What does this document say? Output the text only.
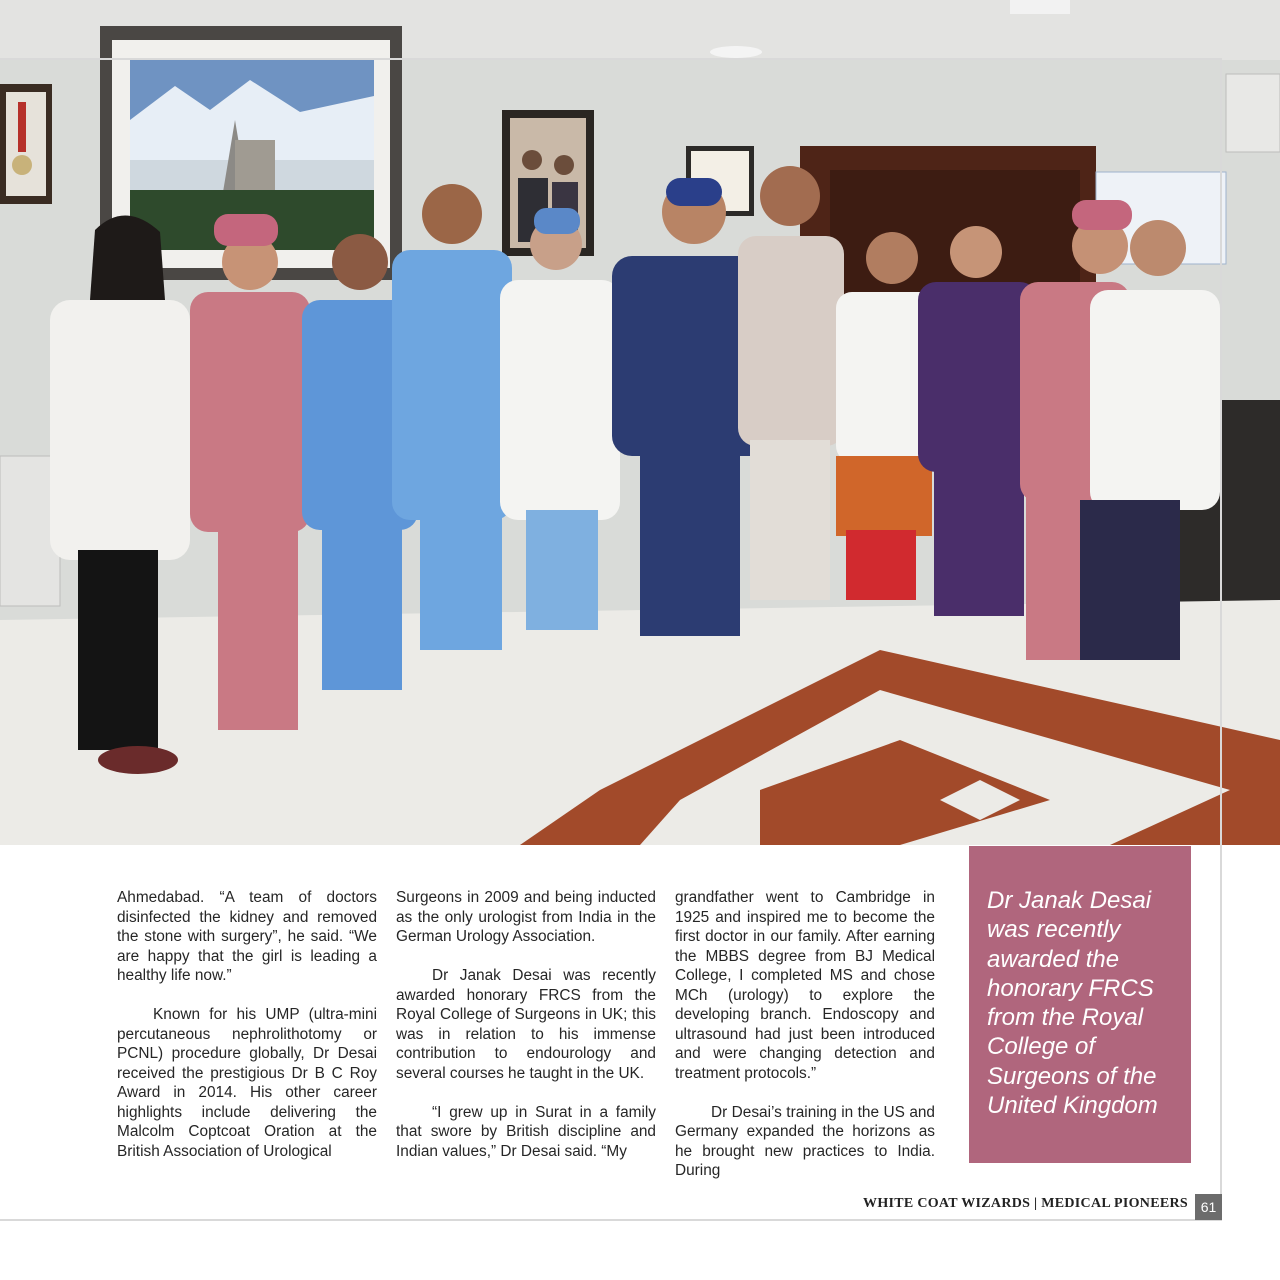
Ahmedabad. “A team of doctors disinfected the kidney and removed the stone with surgery”, he said. “We are happy that the girl is leading a healthy life now.”

Known for his UMP (ultra-mini percutaneous nephrolithotomy or PCNL) procedure globally, Dr Desai received the prestigious Dr B C Roy Award in 2014. His other career highlights include delivering the Malcolm Coptcoat Oration at the British Association of Urological

Surgeons in 2009 and being inducted as the only urologist from India in the German Urology Association.

Dr Janak Desai was recently awarded honorary FRCS from the Royal College of Surgeons in UK; this was in relation to his immense contribution to endourology and several courses he taught in the UK.

“I grew up in Surat in a family that swore by British discipline and Indian values,” Dr Desai said. “My

grandfather went to Cambridge in 1925 and inspired me to become the first doctor in our family. After earning the MBBS degree from BJ Medical College, I completed MS and chose MCh (urology) to explore the developing branch. Endoscopy and ultrasound had just been introduced and were changing detection and treatment protocols.”

Dr Desai’s training in the US and Germany expanded the horizons as he brought new practices to India. During

Dr Janak Desai was recently awarded the honorary FRCS from the Royal College of Surgeons of the United Kingdom
WHITE COAT WIZARDS | MEDICAL PIONEERS 61
